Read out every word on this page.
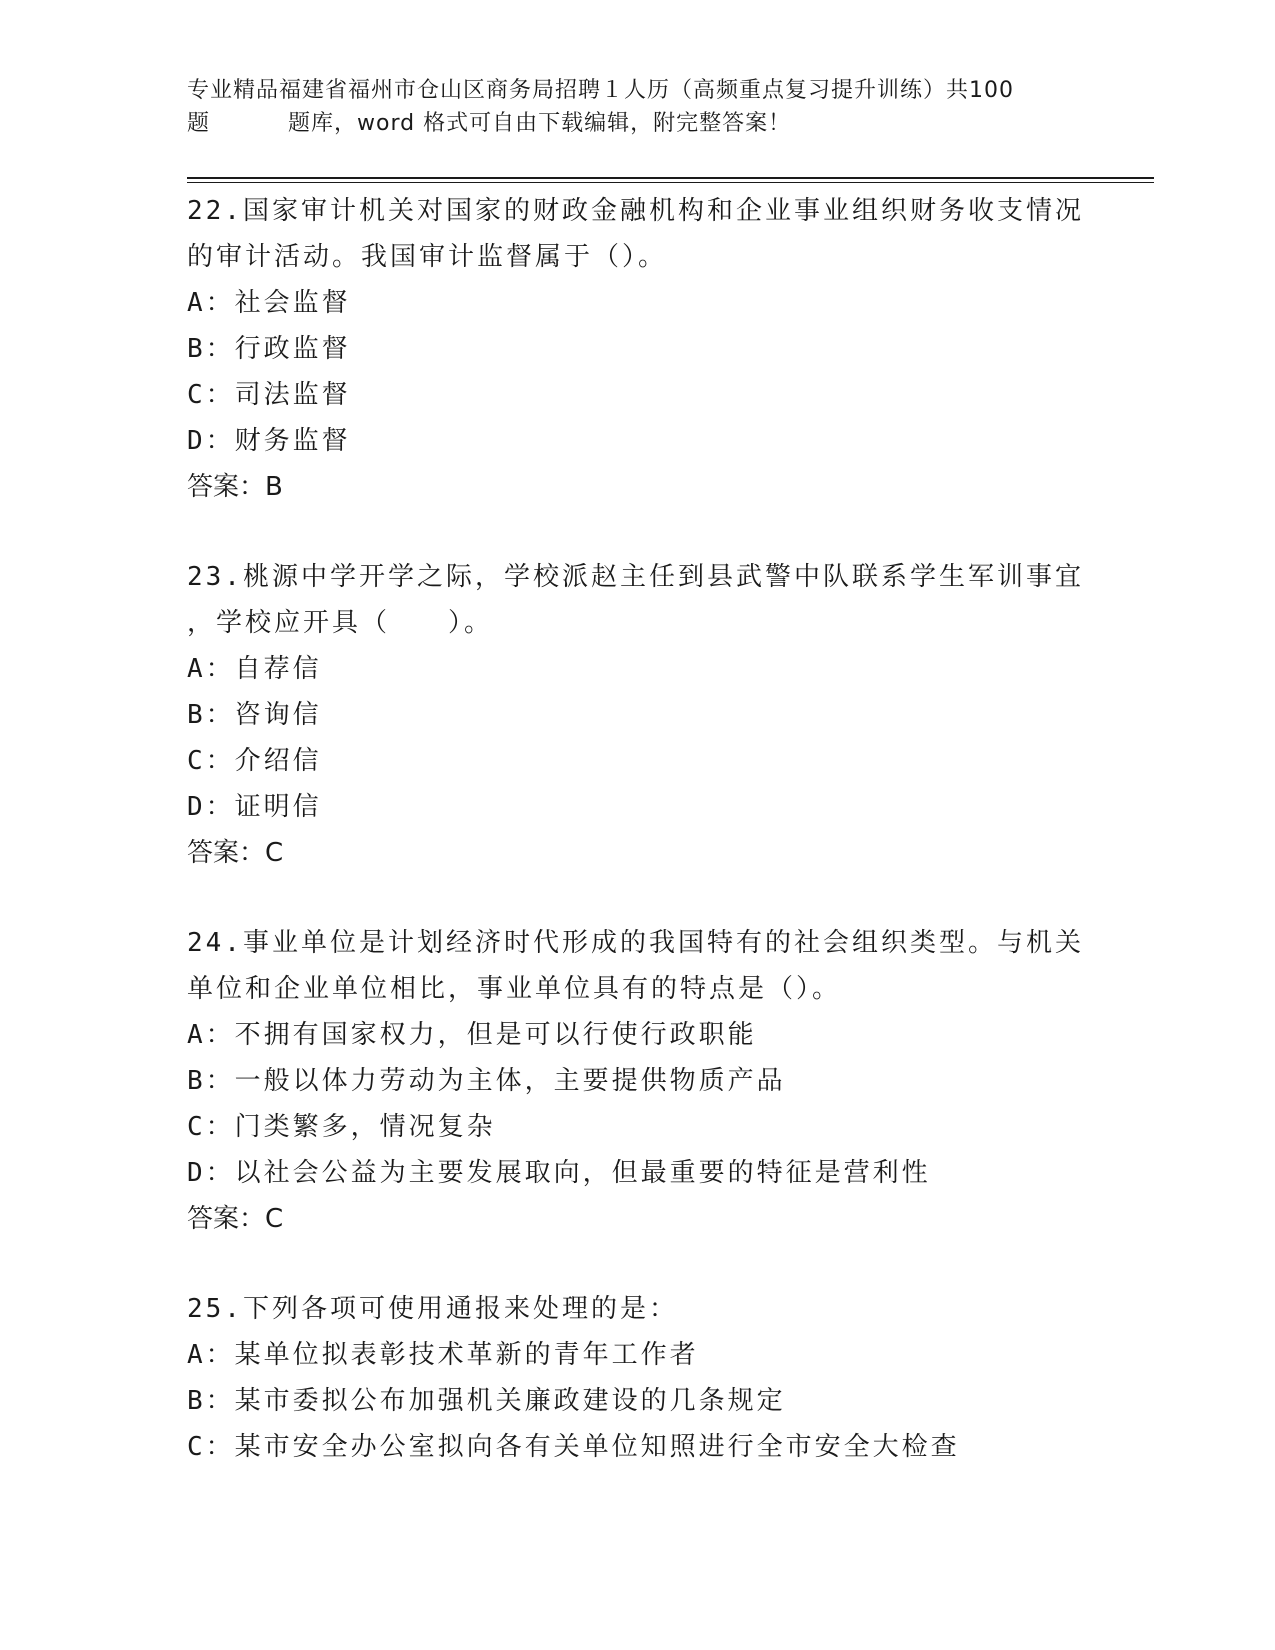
专业精品福建省福州市仓山区商务局招聘１人历（高频重点复习提升训练）共100

题	题库，word 格式可自由下载编辑，附完整答案！
22.国家审计机关对国家的财政金融机构和企业事业组织财务收支情况
的审计活动。我国审计监督属于（）。
A：社会监督
B：行政监督
C：司法监督
D：财务监督
答案：B
23.桃源中学开学之际，学校派赵主任到县武警中队联系学生军训事宜
，学校应开具（　　）。
A：自荐信
B：咨询信
C：介绍信
D：证明信
答案：C
24.事业单位是计划经济时代形成的我国特有的社会组织类型。与机关
单位和企业单位相比，事业单位具有的特点是（）。
A：不拥有国家权力，但是可以行使行政职能
B：一般以体力劳动为主体，主要提供物质产品
C：门类繁多，情况复杂
D：以社会公益为主要发展取向，但最重要的特征是营利性
答案：C
25.下列各项可使用通报来处理的是：
A：某单位拟表彰技术革新的青年工作者
B：某市委拟公布加强机关廉政建设的几条规定
C：某市安全办公室拟向各有关单位知照进行全市安全大检查
